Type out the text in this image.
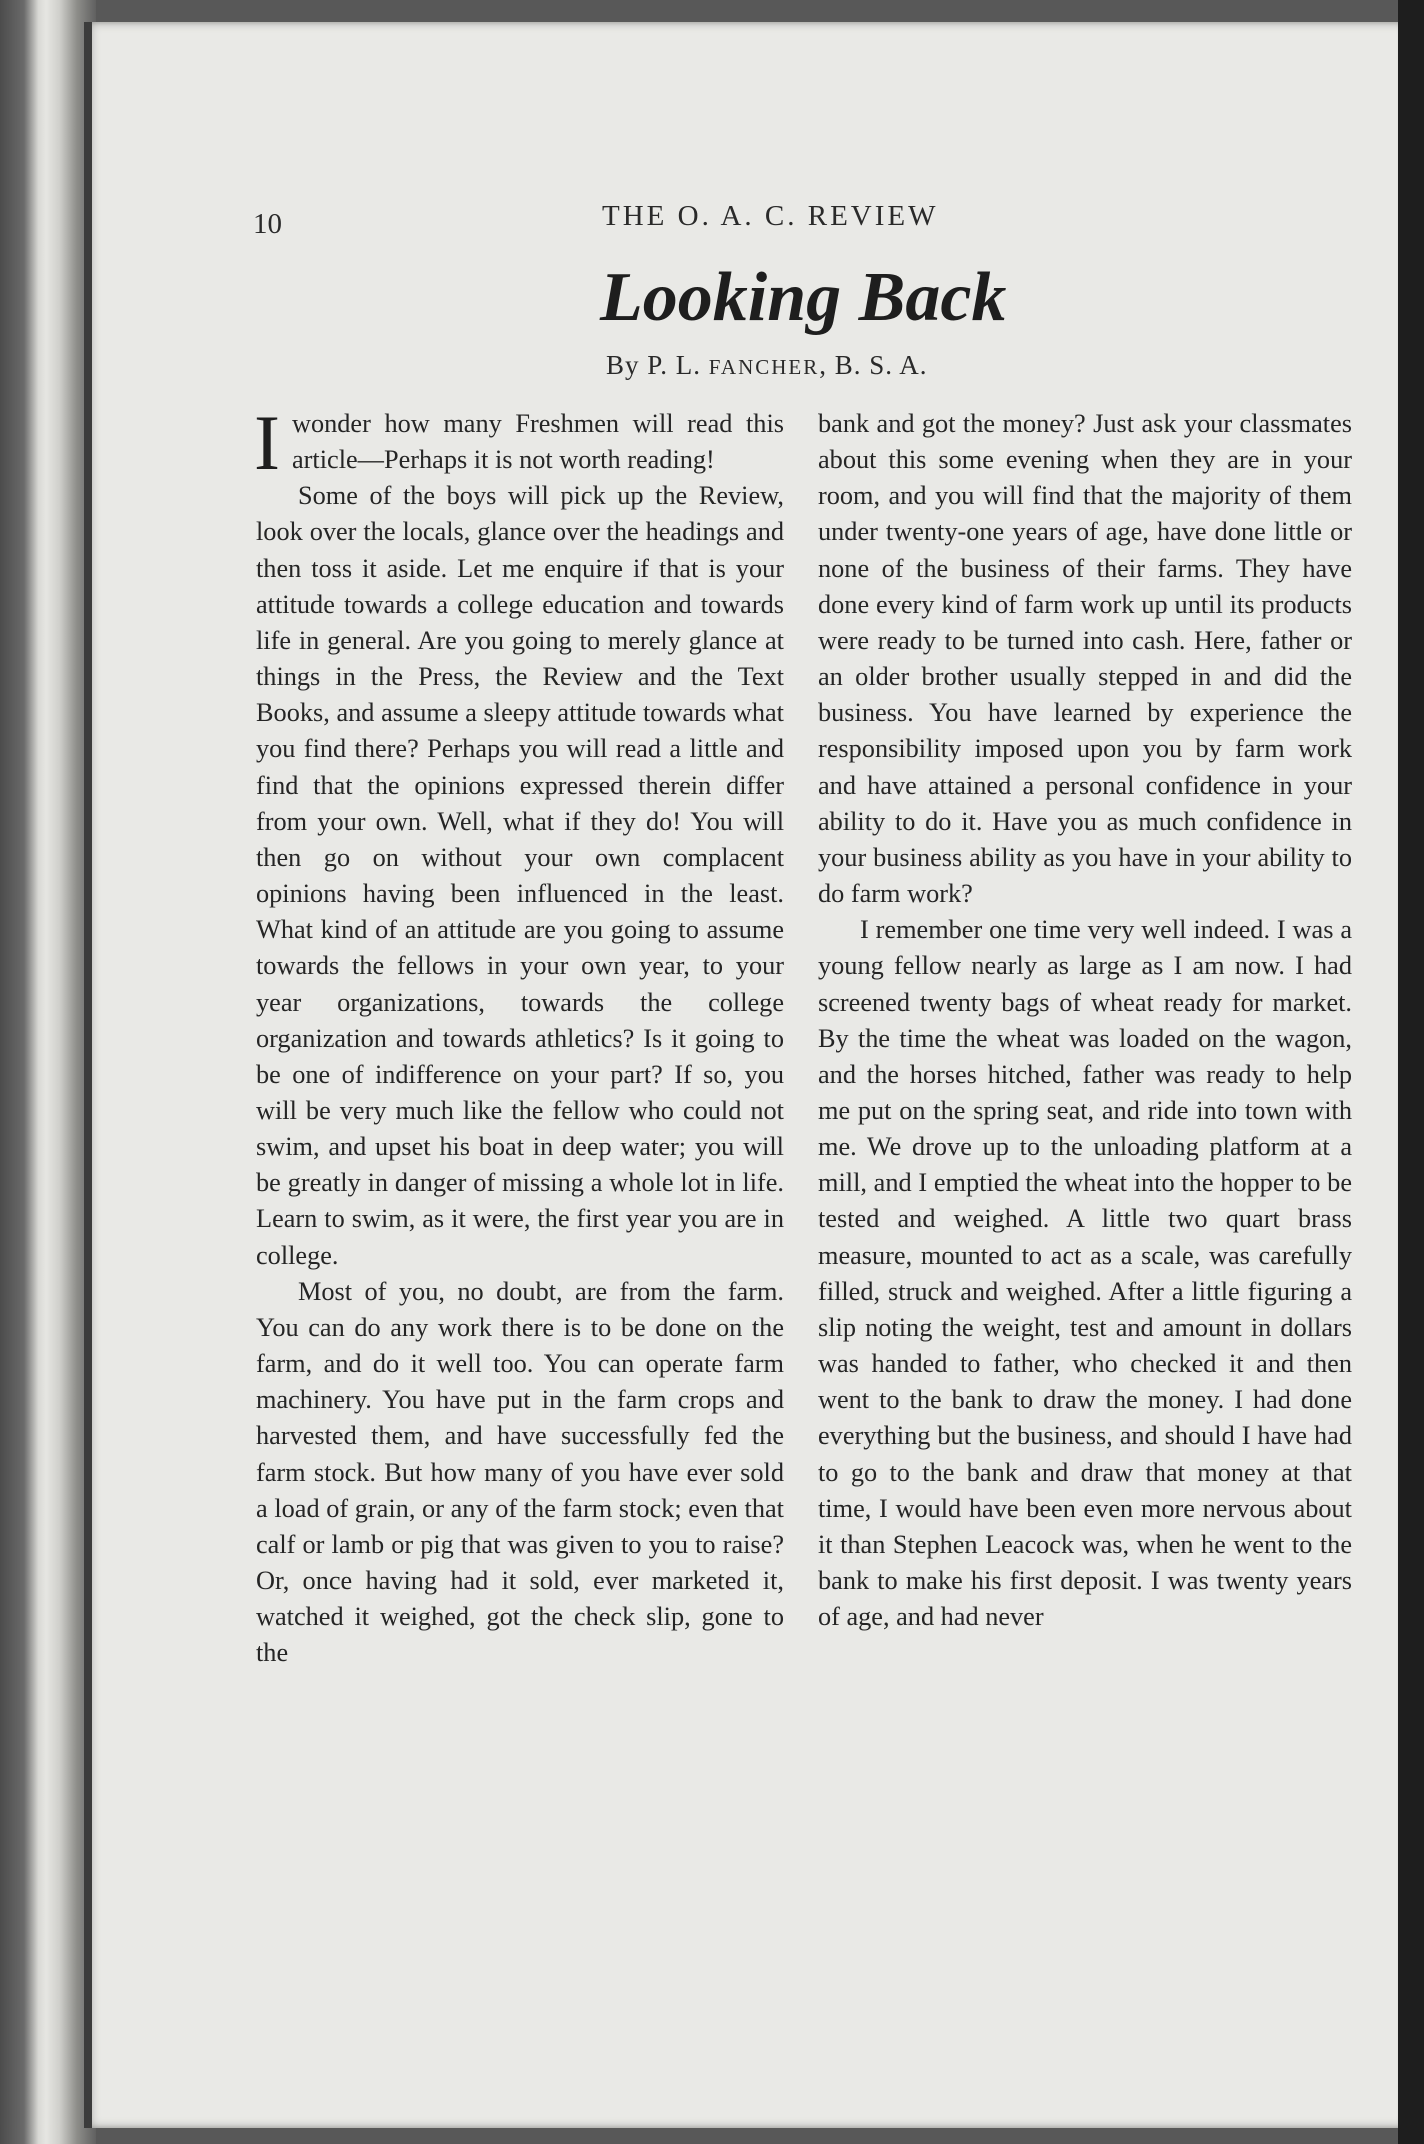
10	THE O. A. C. REVIEW
Looking Back
By P. L. FANCHER, B. S. A.

I wonder how many Freshmen will read this article—Perhaps it is not worth reading!

Some of the boys will pick up the Review, look over the locals, glance over the headings and then toss it aside. Let me enquire if that is your attitude towards a college education and towards life in general. Are you going to merely glance at things in the Press, the Review and the Text Books, and assume a sleepy attitude towards what you find there? Perhaps you will read a little and find that the opinions expressed therein differ from your own. Well, what if they do! You will then go on without your own complacent opinions having been influenced in the least. What kind of an attitude are you going to assume towards the fellows in your own year, to your year organizations, towards the college organization and towards athletics? Is it going to be one of indifference on your part? If so, you will be very much like the fellow who could not swim, and upset his boat in deep water; you will be greatly in danger of missing a whole lot in life. Learn to swim, as it were, the first year you are in college.

Most of you, no doubt, are from the farm. You can do any work there is to be done on the farm, and do it well too. You can operate farm machinery. You have put in the farm crops and harvested them, and have successfully fed the farm stock. But how many of you have ever sold a load of grain, or any of the farm stock; even that calf or lamb or pig that was given to you to raise? Or, once having had it sold, ever marketed it, watched it weighed, got the check slip, gone to the

bank and got the money? Just ask your classmates about this some evening when they are in your room, and you will find that the majority of them under twenty-one years of age, have done little or none of the business of their farms. They have done every kind of farm work up until its products were ready to be turned into cash. Here, father or an older brother usually stepped in and did the business. You have learned by experience the responsibility imposed upon you by farm work and have attained a personal confidence in your ability to do it. Have you as much confidence in your business ability as you have in your ability to do farm work?

I remember one time very well indeed. I was a young fellow nearly as large as I am now. I had screened twenty bags of wheat ready for market. By the time the wheat was loaded on the wagon, and the horses hitched, father was ready to help me put on the spring seat, and ride into town with me. We drove up to the unloading platform at a mill, and I emptied the wheat into the hopper to be tested and weighed. A little two quart brass measure, mounted to act as a scale, was carefully filled, struck and weighed. After a little figuring a slip noting the weight, test and amount in dollars was handed to father, who checked it and then went to the bank to draw the money. I had done everything but the business, and should I have had to go to the bank and draw that money at that time, I would have been even more nervous about it than Stephen Leacock was, when he went to the bank to make his first deposit. I was twenty years of age, and had never
